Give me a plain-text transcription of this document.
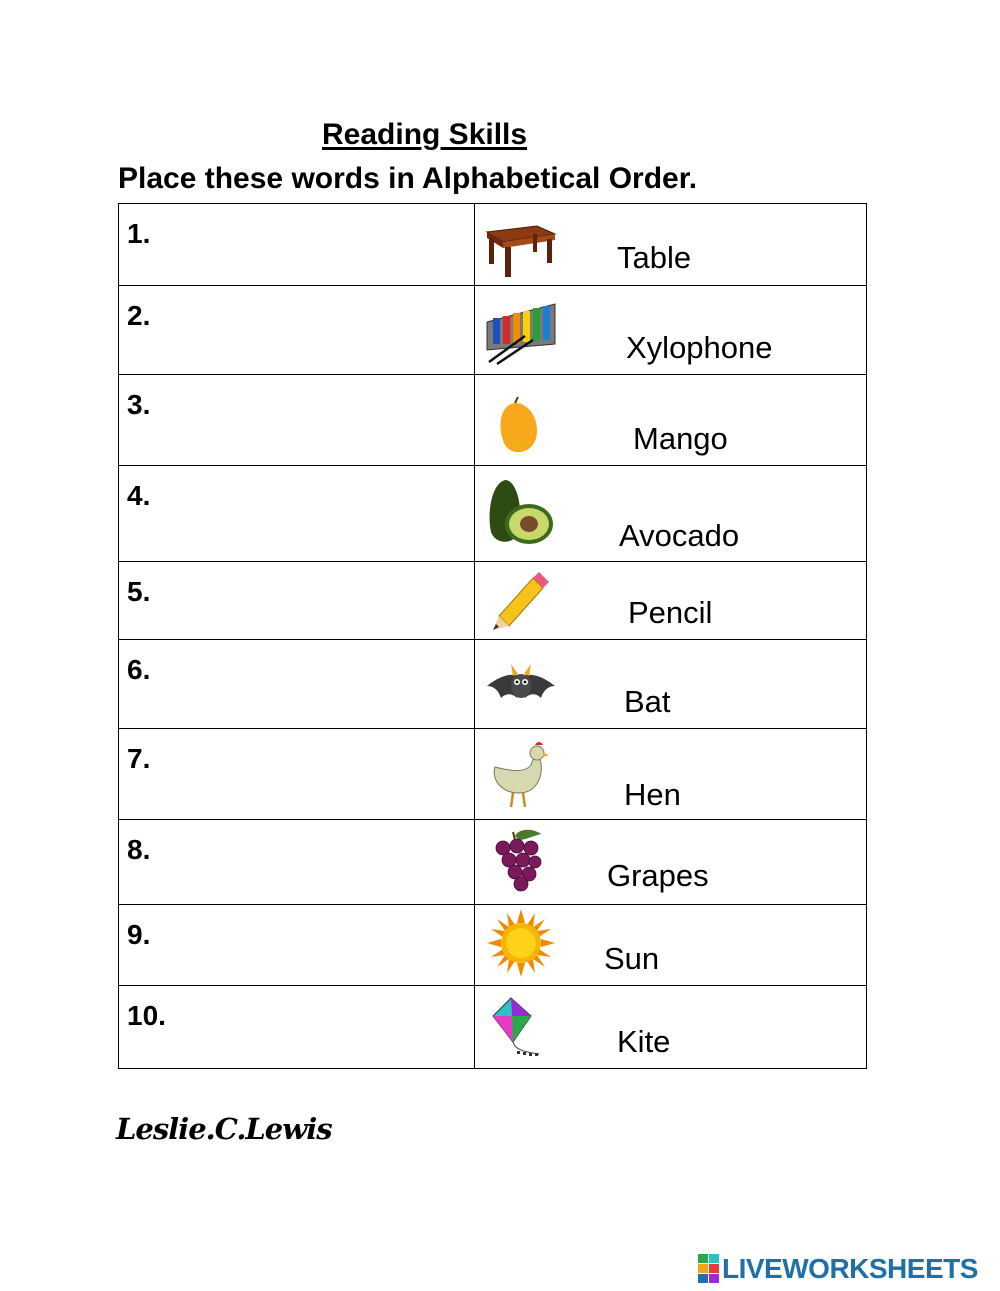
Reading Skills
Place these words in Alphabetical Order.
1.	Table

2.	Xylophone

3.	Mango

4.	Avocado

5.	Pencil

6.	Bat

7.	Hen

8.	Grapes

9.	Sun

10.	Kite
Leslie.C.Lewis
LIVEWORKSHEETS
